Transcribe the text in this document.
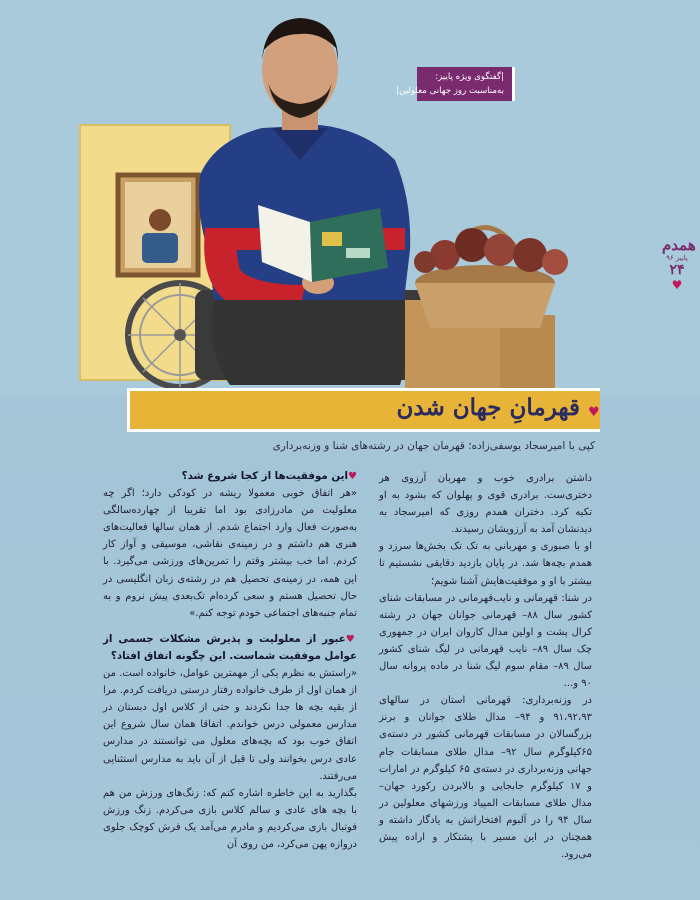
|گفتگوی ویژه پاییز:
به‌مناسبت روز جهانی معلولین|
همدم
پاییز ۹۶
۲۴
♥
قهرمانِ جهان شدن ♥
کپی با امیرسجاد یوسفی‌زاده؛ قهرمان جهان در رشته‌های شنا و وزنه‌برداری

داشتن برادری خوب و مهربان آرزوی هر دختری‌ست. برادری قوی و پهلوان که بشود به او تکیه کرد. دختران همدم روزی که امیرسجاد به دیدنشان آمد به آرزویشان رسیدند.

او با صبوری و مهربانی به تک تک بخش‌ها سرزد و همدم بچه‌ها شد. در پایان بازدید دقایقی نشستیم تا بیشتر با او و موفقیت‌هایش آشنا شویم؛

در شنا: قهرمانی و نایب‌قهرمانی در مسابقات شنای کشور سال ۸۸– قهرمانی جوانان جهان در رشته کرال پشت و اولین مدال کاروان ایران در جمهوری چک سال ۸۹– نایب قهرمانی در لیگ شنای کشور سال ۸۹– مقام سوم لیگ شنا در ماده پروانه سال ۹۰ و...

در وزنه‌برداری: قهرمانی استان در سالهای ۹۱،۹۲،۹۳ و ۹۴– مدال طلای جوانان و برنز بزرگسالان در مسابقات قهرمانی کشور در دسته‌ی ۶۵کیلوگرم سال ۹۲– مدال طلای مسابقات جام جهانی وزنه‌برداری در دسته‌ی ۶۵ کیلوگرم در امارات و ۱۷ کیلوگرم جابجایی و بالابردن رکورد جهان– مدال طلای مسابقات المپیاد ورزشهای معلولین در سال ۹۴ را در آلبوم افتخاراتش به یادگار داشته و همچنان در این مسیر با پشتکار و اراده پیش می‌رود.

♥این موفقیت‌ها از کجا شروع شد؟

«هر اتفاق خوبی معمولا ریشه در کودکی دارد؛ اگر چه معلولیت من مادرزادی بود اما تقریبا از چهارده‌سالگی به‌صورت فعال وارد اجتماع شدم. از همان سالها فعالیت‌های هنری هم داشتم و در زمینه‌ی نقاشی، موسیقی و آواز کار کردم. اما خب بیشتر وقتم را تمرین‌های ورزشی می‌گیرد. با این همه، در زمینه‌ی تحصیل هم در رشته‌ی زبان انگلیسی در حال تحصیل هستم و سعی کرده‌ام تک‌بعدی پیش نروم و به تمام جنبه‌های اجتماعی خودم توجه کنم.»

♥عبور از معلولیت و پذیرش مشکلات جسمی از عوامل موفقیت شماست. این چگونه اتفاق افتاد؟

«راستش به نظرم یکی از مهمترین عوامل، خانواده است. من از همان اول از طرف خانواده رفتار درستی دریافت کردم. مرا از بقیه بچه ها جدا نکردند و حتی از کلاس اول دبستان در مدارس معمولی درس خواندم. اتفاقا همان سال شروع این اتفاق خوب بود که بچه‌های معلول می توانستند در مدارس عادی درس بخوانند ولی تا قبل از آن باید به مدارس استثنایی می‌رفتند.

بگذارید به این خاطره اشاره کنم که: زنگ‌های ورزش من هم با بچه های عادی و سالم کلاس بازی می‌کردم. زنگ ورزش فوتبال بازی می‌کردیم و مادرم می‌آمد یک فرش کوچک جلوی دروازه پهن می‌کرد، من روی آن
